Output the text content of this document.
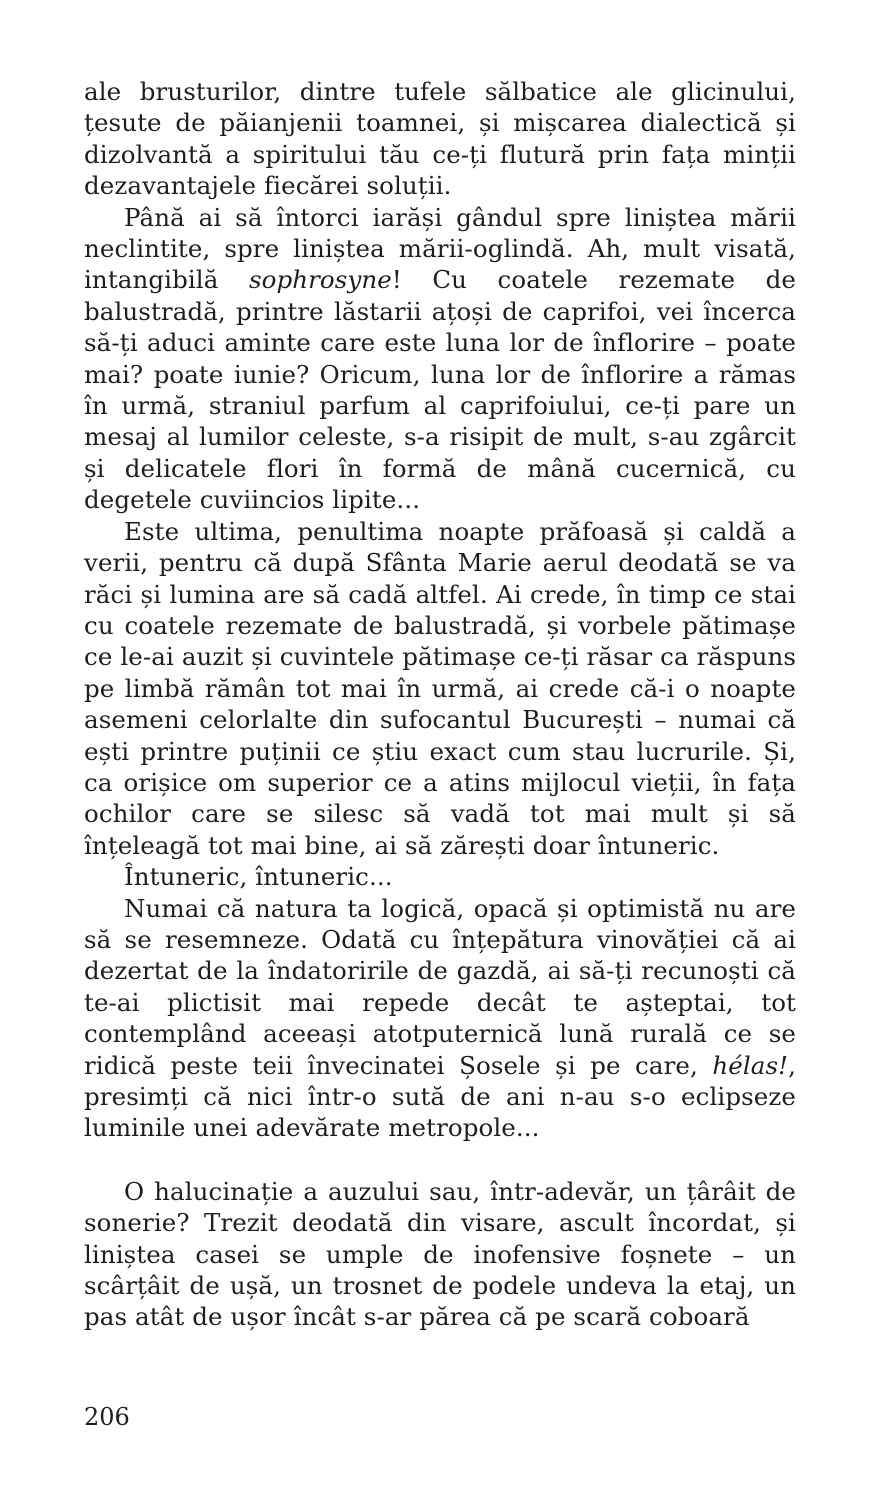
ale brusturilor, dintre tufele sălbatice ale glicinului, țesute de păianjenii toamnei, și mișcarea dialectică și dizolvantă a spiritului tău ce-ți flutură prin fața minții dezavantajele fiecărei soluții.

Până ai să întorci iarăși gândul spre liniștea mării neclintite, spre liniștea mării-oglindă. Ah, mult visată, intangibilă sophrosyne! Cu coatele rezemate de balustradă, printre lăstarii ațoși de caprifoi, vei încerca să-ți aduci aminte care este luna lor de înflorire – poate mai? poate iunie? Oricum, luna lor de înflorire a rămas în urmă, straniul parfum al caprifoiului, ce-ți pare un mesaj al lumilor celeste, s-a risipit de mult, s-au zgârcit și delicatele flori în formă de mână cucernică, cu degetele cuviincios lipite...

Este ultima, penultima noapte prăfoasă și caldă a verii, pentru că după Sfânta Marie aerul deodată se va răci și lumina are să cadă altfel. Ai crede, în timp ce stai cu coatele rezemate de balustradă, și vorbele pătimașe ce le-ai auzit și cuvintele pătimașe ce-ți răsar ca răspuns pe limbă rămân tot mai în urmă, ai crede că-i o noapte asemeni celorlalte din sufocantul București – numai că ești printre puținii ce știu exact cum stau lucrurile. Și, ca orișice om superior ce a atins mijlocul vieții, în fața ochilor care se silesc să vadă tot mai mult și să înțeleagă tot mai bine, ai să zărești doar întuneric.

Întuneric, întuneric...

Numai că natura ta logică, opacă și optimistă nu are să se resemneze. Odată cu înțepătura vinovăției că ai dezertat de la îndatoririle de gazdă, ai să-ți recunoști că te-ai plictisit mai repede decât te așteptai, tot contemplând aceeași atotputernică lună rurală ce se ridică peste teii învecinatei Șosele și pe care, hélas!, presimți că nici într-o sută de ani n-au s-o eclipseze luminile unei adevărate metropole...

O halucinație a auzului sau, într-adevăr, un țârâit de sonerie? Trezit deodată din visare, ascult încordat, și liniștea casei se umple de inofensive foșnete – un scârțâit de ușă, un trosnet de podele undeva la etaj, un pas atât de ușor încât s-ar părea că pe scară coboară

206
